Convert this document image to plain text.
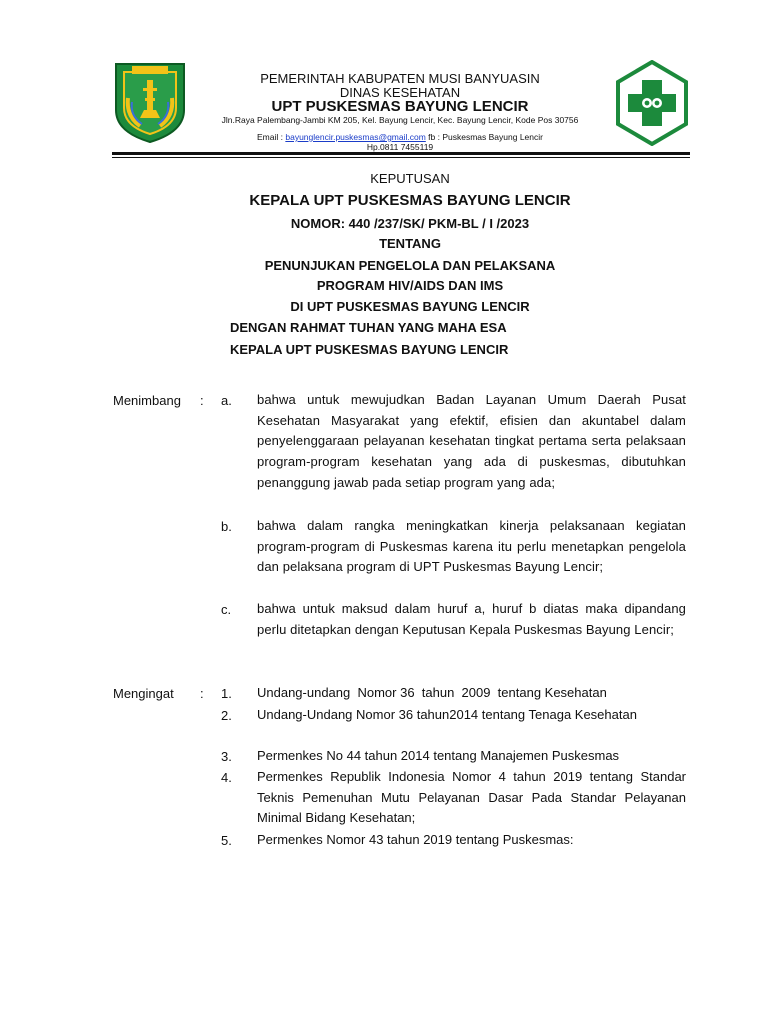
PEMERINTAH KABUPATEN MUSI BANYUASIN
DINAS KESEHATAN
UPT PUSKESMAS BAYUNG LENCIR
Jln.Raya Palembang-Jambi KM 205, Kel. Bayung Lencir, Kec. Bayung Lencir, Kode Pos 30756
Email : bayunglencir.puskesmas@gmail.com fb : Puskesmas Bayung Lencir
Hp.0811 7455119
KEPUTUSAN
KEPALA UPT PUSKESMAS BAYUNG LENCIR
NOMOR: 440 /237/SK/ PKM-BL / I /2023
TENTANG
PENUNJUKAN PENGELOLA DAN PELAKSANA
PROGRAM HIV/AIDS DAN IMS
DI UPT PUSKESMAS BAYUNG LENCIR
DENGAN RAHMAT TUHAN YANG MAHA ESA
KEPALA UPT PUSKESMAS BAYUNG LENCIR
Menimbang : a. bahwa untuk mewujudkan Badan Layanan Umum Daerah Pusat Kesehatan Masyarakat yang efektif, efisien dan akuntabel dalam penyelenggaraan pelayanan kesehatan tingkat pertama serta pelaksaan program-program kesehatan yang ada di puskesmas, dibutuhkan penanggung jawab pada setiap program yang ada;
b. bahwa dalam rangka meningkatkan kinerja pelaksanaan kegiatan program-program di Puskesmas karena itu perlu menetapkan pengelola dan pelaksana program di UPT Puskesmas Bayung Lencir;
c. bahwa untuk maksud dalam huruf a, huruf b diatas maka dipandang perlu ditetapkan dengan Keputusan Kepala Puskesmas Bayung Lencir;
Mengingat : 1. Undang-undang  Nomor 36  tahun  2009  tentang Kesehatan
2. Undang-Undang Nomor 36 tahun2014 tentang Tenaga Kesehatan
3. Permenkes No 44 tahun 2014 tentang Manajemen Puskesmas
4. Permenkes Republik Indonesia Nomor 4 tahun 2019 tentang Standar Teknis Pemenuhan Mutu Pelayanan Dasar Pada Standar Pelayanan Minimal Bidang Kesehatan;
5. Permenkes Nomor 43 tahun 2019 tentang Puskesmas:
